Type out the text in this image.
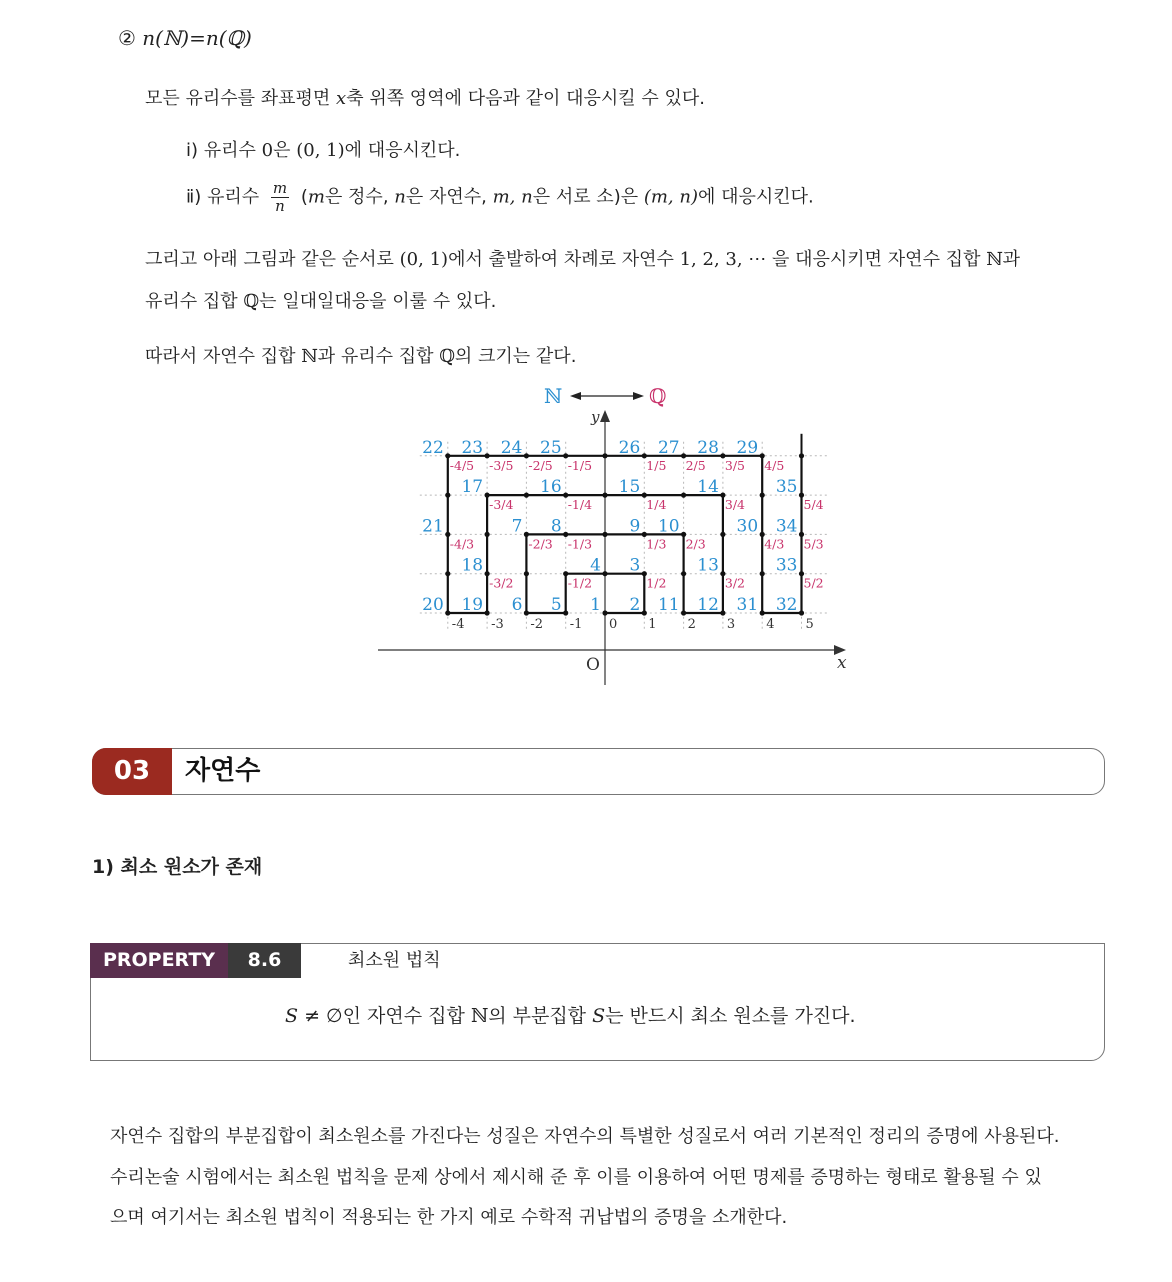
② n(ℕ)=n(ℚ)
모든 유리수를 좌표평면 x축 위쪽 영역에 다음과 같이 대응시킬 수 있다.
ⅰ) 유리수 0은 (0, 1)에 대응시킨다.
ⅱ) 유리수 $\frac{m}{n} (m$은 정수, n은 자연수, m, n은 서로 소)은 (m, n)에 대응시킨다.
그리고 아래 그림과 같은 순서로 (0, 1)에서 출발하여 차례로 자연수 1, 2, 3, ⋯ 을 대응시키면 자연수 집합 ℕ과
유리수 집합 ℚ는 일대일대응을 이룰 수 있다.
따라서 자연수 집합 ℕ과 유리수 집합 ℚ의 크기는 같다.
x
y
O
ℕ	ℚ
-4 -3 -2 -1 0 1 2 3 4 5
1/2
-1/2
1/3 2/3
-1/3
-2/3
1/4
-1/4
-3/4	3/4
1/5 2/5 3/5 4/5
-1/5
-2/5
-3/5
-4/5
3/2
-3/2
4/3
-4/3
5/2
5/3
5/4
1 2
3
4
5
6
7 8	9 10
11 12
13
14
15
16
17
18
19
20
21
22 23 24 25	26 27 28 29
30
31 32
33
34
35
03	자연수
1) 최소 원소가 존재
PROPERTY	8.6	최소원 법칙
S ≠ ∅인 자연수 집합 ℕ의 부분집합 S는 반드시 최소 원소를 가진다.
자연수 집합의 부분집합이 최소원소를 가진다는 성질은 자연수의 특별한 성질로서 여러 기본적인 정리의 증명에 사용된다.
수리논술 시험에서는 최소원 법칙을 문제 상에서 제시해 준 후 이를 이용하여 어떤 명제를 증명하는 형태로 활용될 수 있
으며 여기서는 최소원 법칙이 적용되는 한 가지 예로 수학적 귀납법의 증명을 소개한다.
